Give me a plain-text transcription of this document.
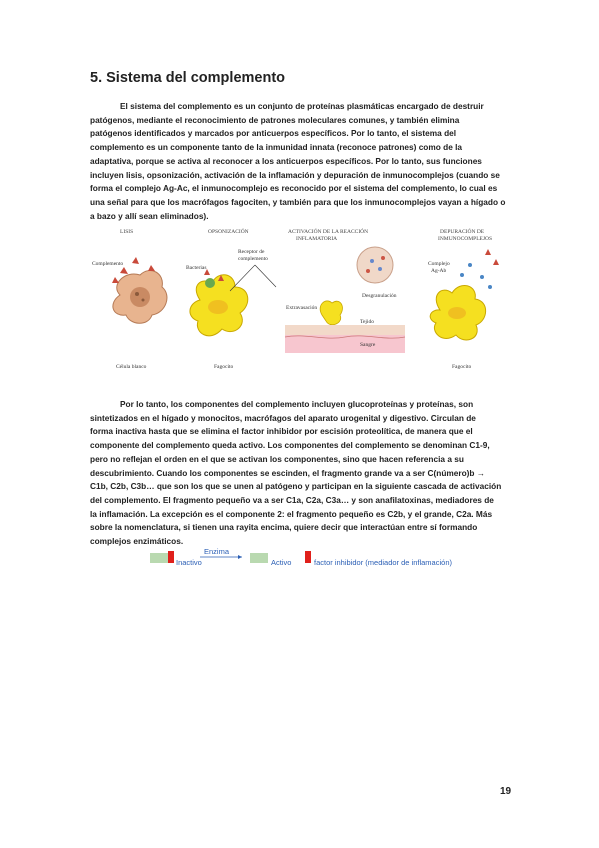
5. Sistema del complemento
El sistema del complemento es un conjunto de proteínas plasmáticas encargado de destruir
patógenos, mediante el reconocimiento de patrones moleculares comunes, y también elimina
patógenos identificados y marcados por anticuerpos específicos. Por lo tanto, el sistema del
complemento es un componente tanto de la inmunidad innata (reconoce patrones) como de la
adaptativa, porque se activa al reconocer a los anticuerpos específicos. Por lo tanto, sus funciones
incluyen lisis, opsonización, activación de la inflamación y depuración de inmunocomplejos (cuando se
forma el complejo Ag-Ac, el inmunocomplejo es reconocido por el sistema del complemento, lo cual es
una señal para que los macrófagos fagociten, y también para que los inmunocomplejos vayan a hígado o
a bazo y allí sean eliminados).
LISIS	OPSONIZACIÓN	ACTIVACIÓN DE LA REACCIÓN
INFLAMATORIA
DEPURACIÓN DE
INMUNOCOMPLEJOS
Complemento
Célula blanco
Bacterias
Receptor de
complemento
Fagocito
Extravasación
Desgranulación
Tejido
Sangre
Complejo
Ag-Ab
Fagocito
Por lo tanto, los componentes del complemento incluyen glucoproteínas y proteínas, son
sintetizados en el hígado y monocitos, macrófagos del aparato urogenital y digestivo. Circulan de
forma inactiva hasta que se elimina el factor inhibidor por escisión proteolítica, de manera que el
componente del complemento queda activo. Los componentes del complemento se denominan C1-9,
pero no reflejan el orden en el que se activan los componentes, sino que hacen referencia a su
descubrimiento. Cuando los componentes se escinden, el fragmento grande va a ser C(número)b →
C1b, C2b, C3b… que son los que se unen al patógeno y participan en la siguiente cascada de activación
del complemento. El fragmento pequeño va a ser C1a, C2a, C3a… y son anafilatoxinas, mediadores de
la inflamación. La excepción es el componente 2: el fragmento pequeño es C2b, y el grande, C2a. Más
sobre la nomenclatura, si tienen una rayita encima, quiere decir que interactúan entre sí formando
complejos enzimáticos.
Inactivo
Enzima
Activo	factor inhibidor (mediador de inflamación)
19
